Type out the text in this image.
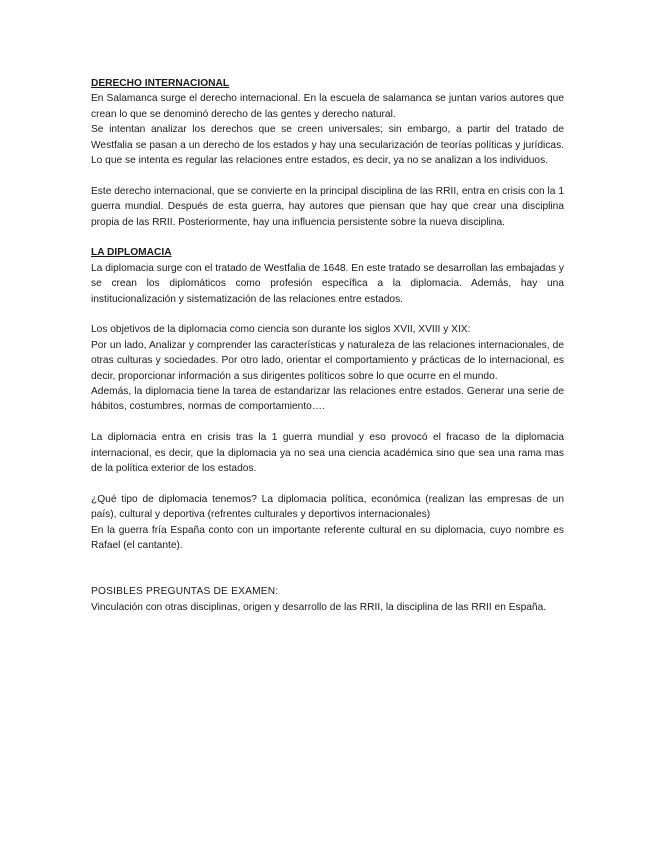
DERECHO INTERNACIONAL

En Salamanca surge el derecho internacional. En la escuela de salamanca se juntan varios autores que crean lo que se denominó derecho de las gentes y derecho natural.

Se intentan analizar los derechos que se creen universales; sin embargo, a partir del tratado de Westfalia se pasan a un derecho de los estados y hay una secularización de teorías políticas y jurídicas. Lo que se intenta es regular las relaciones entre estados, es decir, ya no se analizan a los individuos.

Este derecho internacional, que se convierte en la principal disciplina de las RRII, entra en crisis con la 1 guerra mundial. Después de esta guerra, hay autores que piensan que hay que crear una disciplina propia de las RRII. Posteriormente, hay una influencia persistente sobre la nueva disciplina.

LA DIPLOMACIA

La diplomacia surge con el tratado de Westfalia de 1648. En este tratado se desarrollan las embajadas y se crean los diplomáticos como profesión específica a la diplomacia. Además, hay una institucionalización y sistematización de las relaciones entre estados.

Los objetivos de la diplomacia como ciencia son durante los siglos XVII, XVIII y XIX:

Por un lado, Analizar y comprender las características y naturaleza de las relaciones internacionales, de otras culturas y sociedades. Por otro lado, orientar el comportamiento y prácticas de lo internacional, es decir, proporcionar información a sus dirigentes políticos sobre lo que ocurre en el mundo.

Además, la diplomacia tiene la tarea de estandarizar las relaciones entre estados. Generar una serie de hábitos, costumbres, normas de comportamiento….

La diplomacia entra en crisis tras la 1 guerra mundial y eso provocó el fracaso de la diplomacia internacional, es decir, que la diplomacia ya no sea una ciencia académica sino que sea una rama mas de la política exterior de los estados.

¿Qué tipo de diplomacia tenemos? La diplomacia política, económica (realizan las empresas de un país), cultural y deportiva (refrentes culturales y deportivos internacionales)

En la guerra fría España conto con un importante referente cultural en su diplomacia, cuyo nombre es Rafael (el cantante).

POSIBLES PREGUNTAS DE EXAMEN:

Vinculación con otras disciplinas, origen y desarrollo de las RRII, la disciplina de las RRII en España.
